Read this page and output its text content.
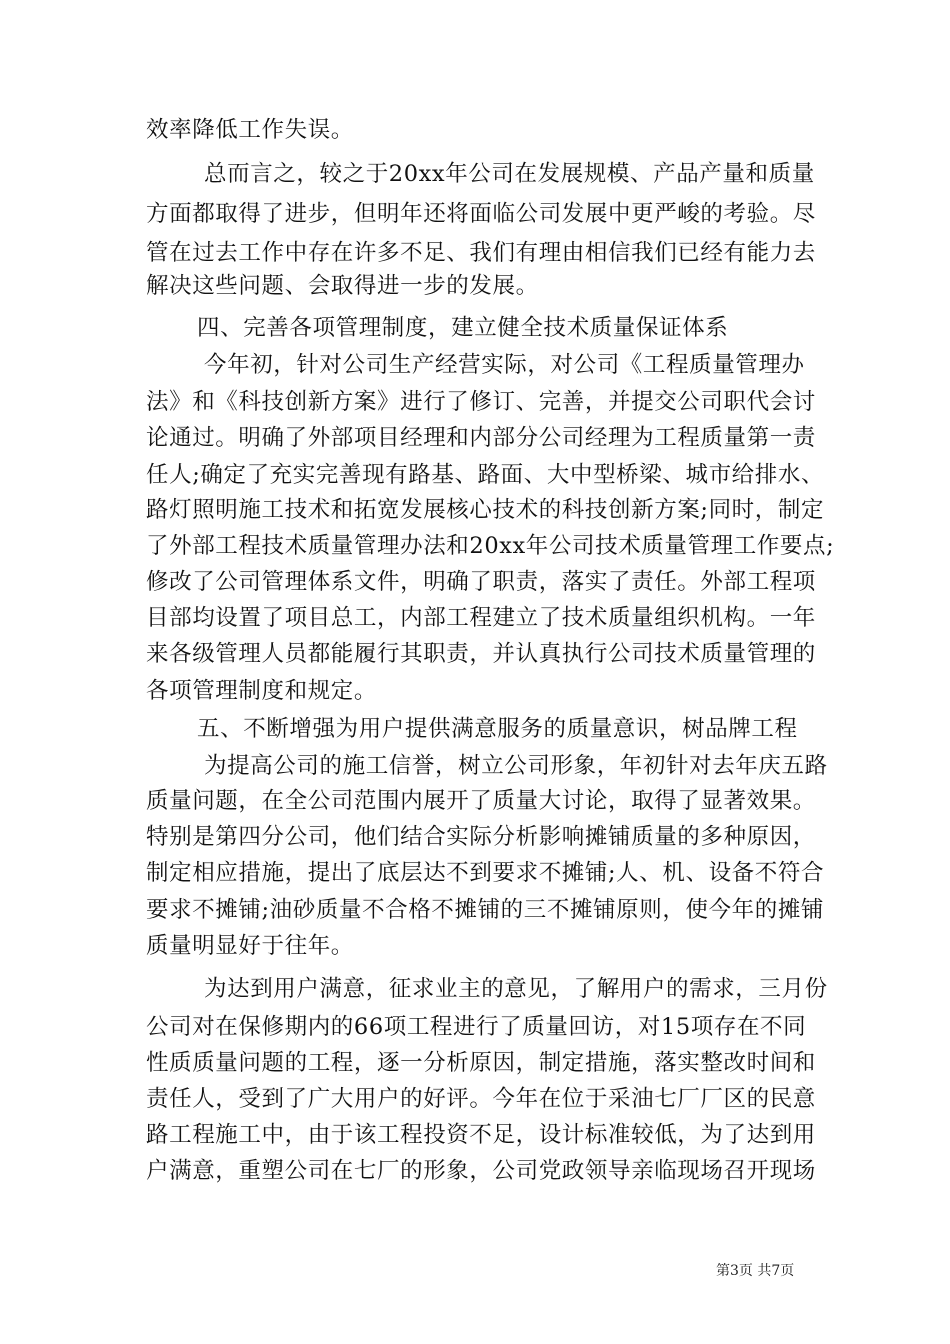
效率降低工作失误。
总而言之，较之于20xx年公司在发展规模、产品产量和质量
方面都取得了进步，但明年还将面临公司发展中更严峻的考验。尽
管在过去工作中存在许多不足、我们有理由相信我们已经有能力去
解决这些问题、会取得进一步的发展。
四、完善各项管理制度，建立健全技术质量保证体系
今年初，针对公司生产经营实际，对公司《工程质量管理办
法》和《科技创新方案》进行了修订、完善，并提交公司职代会讨
论通过。明确了外部项目经理和内部分公司经理为工程质量第一责
任人;确定了充实完善现有路基、路面、大中型桥梁、城市给排水、
路灯照明施工技术和拓宽发展核心技术的科技创新方案;同时，制定
了外部工程技术质量管理办法和20xx年公司技术质量管理工作要点;
修改了公司管理体系文件，明确了职责，落实了责任。外部工程项
目部均设置了项目总工，内部工程建立了技术质量组织机构。一年
来各级管理人员都能履行其职责，并认真执行公司技术质量管理的
各项管理制度和规定。
五、不断增强为用户提供满意服务的质量意识，树品牌工程
为提高公司的施工信誉，树立公司形象，年初针对去年庆五路
质量问题，在全公司范围内展开了质量大讨论，取得了显著效果。
特别是第四分公司，他们结合实际分析影响摊铺质量的多种原因，
制定相应措施，提出了底层达不到要求不摊铺;人、机、设备不符合
要求不摊铺;油砂质量不合格不摊铺的三不摊铺原则，使今年的摊铺
质量明显好于往年。
为达到用户满意，征求业主的意见，了解用户的需求，三月份
公司对在保修期内的66项工程进行了质量回访，对15项存在不同
性质质量问题的工程，逐一分析原因，制定措施，落实整改时间和
责任人，受到了广大用户的好评。今年在位于采油七厂厂区的民意
路工程施工中，由于该工程投资不足，设计标准较低，为了达到用
户满意，重塑公司在七厂的形象，公司党政领导亲临现场召开现场
第3页 共7页
